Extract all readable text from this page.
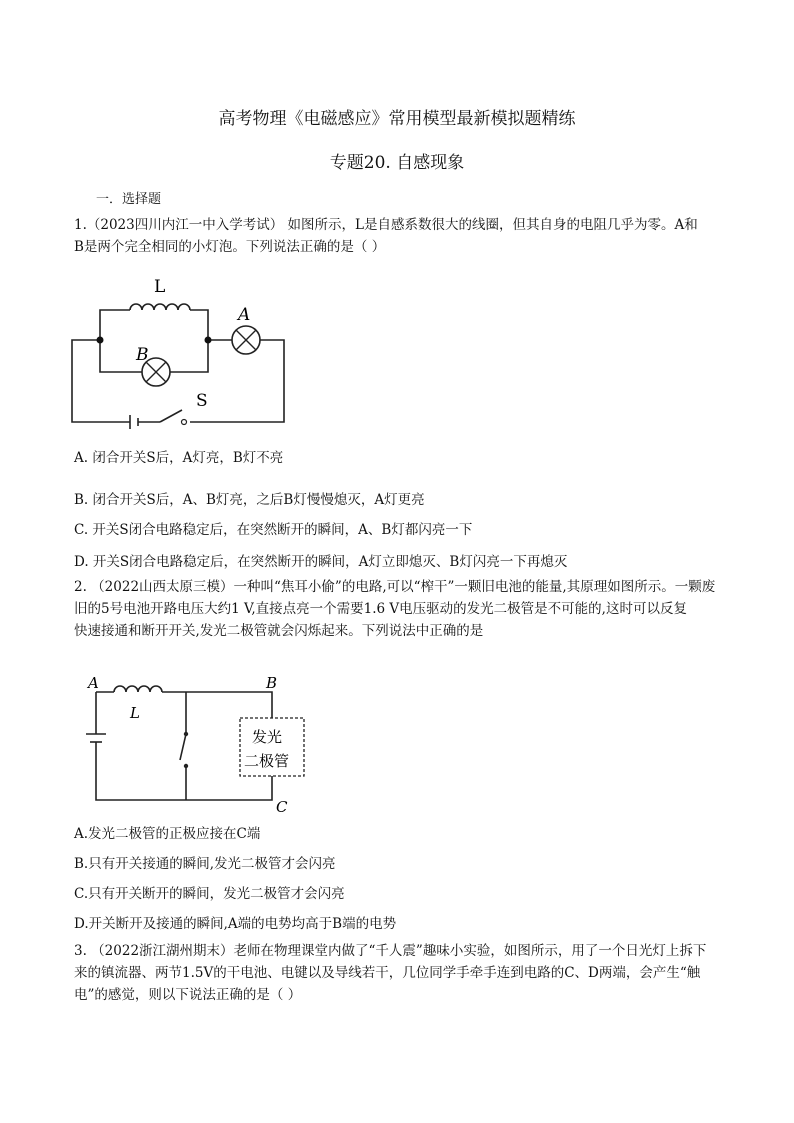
高考物理《电磁感应》常用模型最新模拟题精练
专题20. 自感现象
一．选择题
1.（2023四川内江一中入学考试） 如图所示，L是自感系数很大的线圈，但其自身的电阻几乎为零。A和
B是两个完全相同的小灯泡。下列说法正确的是（ ）
L
A
B
S
A. 闭合开关S后，A灯亮，B灯不亮
B. 闭合开关S后，A、B灯亮，之后B灯慢慢熄灭，A灯更亮
C. 开关S闭合电路稳定后，在突然断开的瞬间，A、B灯都闪亮一下
D. 开关S闭合电路稳定后，在突然断开的瞬间，A灯立即熄灭、B灯闪亮一下再熄灭
2. （2022山西太原三模）一种叫“焦耳小偷”的电路,可以“榨干”一颗旧电池的能量,其原理如图所示。一颗废
旧的5号电池开路电压大约1 V,直接点亮一个需要1.6 V电压驱动的发光二极管是不可能的,这时可以反复
快速接通和断开开关,发光二极管就会闪烁起来。下列说法中正确的是
A	B
C
L
发光
二极管
A.发光二极管的正极应接在C端
B.只有开关接通的瞬间,发光二极管才会闪亮
C.只有开关断开的瞬间，发光二极管才会闪亮
D.开关断开及接通的瞬间,A端的电势均高于B端的电势
3. （2022浙江湖州期末）老师在物理课堂内做了“千人震”趣味小实验，如图所示，用了一个日光灯上拆下
来的镇流器、两节1.5V的干电池、电键以及导线若干，几位同学手牵手连到电路的C、D两端，会产生“触
电”的感觉，则以下说法正确的是（ ）
